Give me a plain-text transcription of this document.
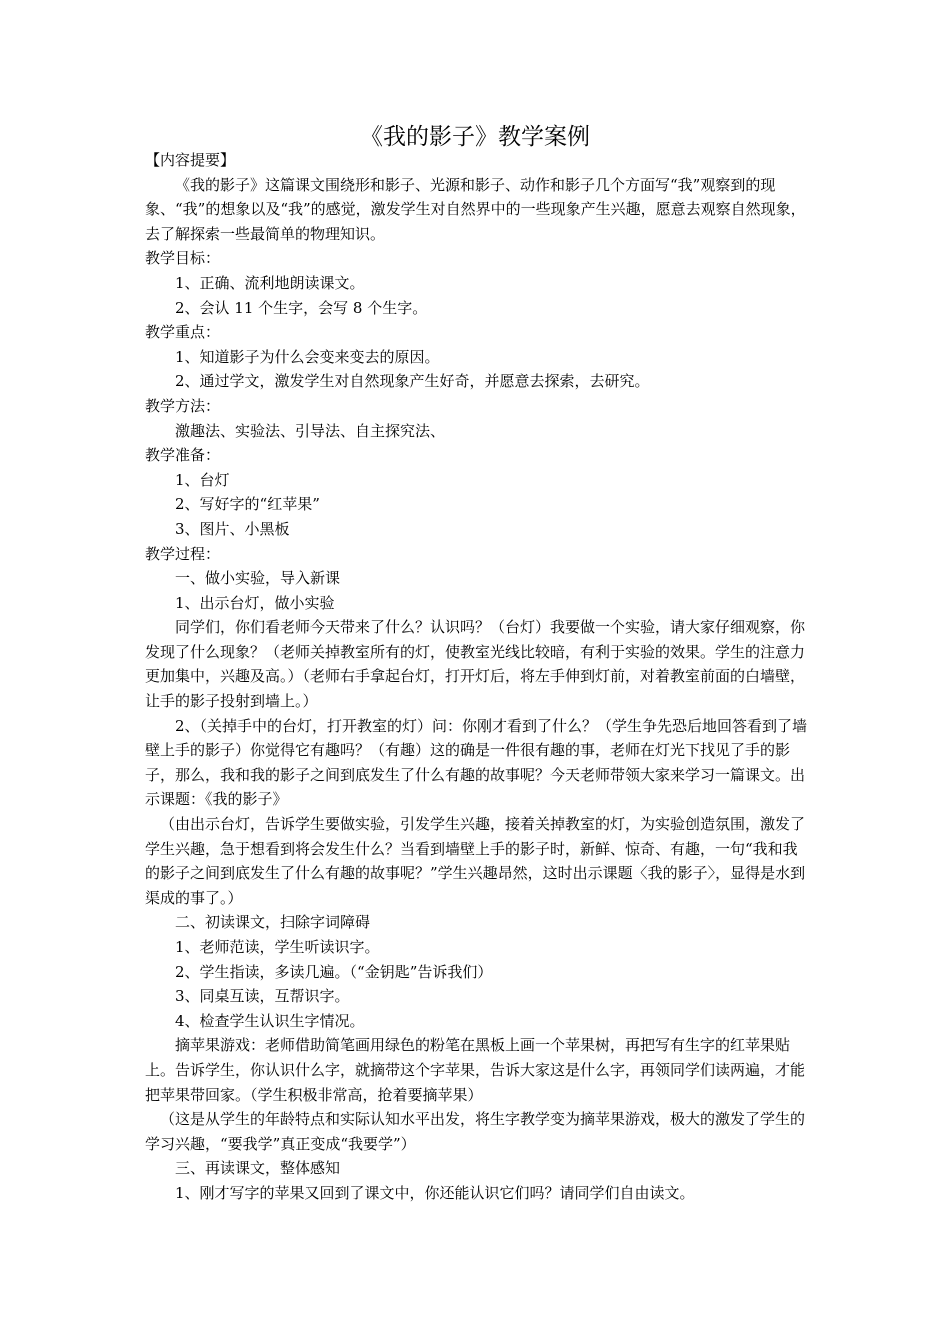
《我的影子》教学案例

【内容提要】

《我的影子》这篇课文围绕形和影子、光源和影子、动作和影子几个方面写“我”观察到的现象、“我”的想象以及“我”的感觉，激发学生对自然界中的一些现象产生兴趣，愿意去观察自然现象，去了解探索一些最简单的物理知识。

教学目标：

1、正确、流利地朗读课文。

2、会认 11 个生字，会写 8 个生字。

教学重点：

1、知道影子为什么会变来变去的原因。

2、通过学文，激发学生对自然现象产生好奇，并愿意去探索，去研究。

教学方法：

激趣法、实验法、引导法、自主探究法、

教学准备：

1、台灯

2、写好字的“红苹果”

3、图片、小黑板

教学过程：

一、做小实验，导入新课

1、出示台灯，做小实验

同学们，你们看老师今天带来了什么？认识吗？（台灯）我要做一个实验，请大家仔细观察，你发现了什么现象？（老师关掉教室所有的灯，使教室光线比较暗，有利于实验的效果。学生的注意力更加集中，兴趣及高。）（老师右手拿起台灯，打开灯后，将左手伸到灯前，对着教室前面的白墙壁，让手的影子投射到墙上。）

2、（关掉手中的台灯，打开教室的灯）问：你刚才看到了什么？（学生争先恐后地回答看到了墙壁上手的影子）你觉得它有趣吗？（有趣）这的确是一件很有趣的事，老师在灯光下找见了手的影子，那么，我和我的影子之间到底发生了什么有趣的故事呢？今天老师带领大家来学习一篇课文。出示课题：《我的影子》

（由出示台灯，告诉学生要做实验，引发学生兴趣，接着关掉教室的灯，为实验创造氛围，激发了学生兴趣，急于想看到将会发生什么？当看到墙壁上手的影子时，新鲜、惊奇、有趣，一句“我和我的影子之间到底发生了什么有趣的故事呢？”学生兴趣昂然，这时出示课题〈我的影子〉，显得是水到渠成的事了。）

二、初读课文，扫除字词障碍

1、老师范读，学生听读识字。

2、学生指读，多读几遍。（“金钥匙”告诉我们）

3、同桌互读，互帮识字。

4、检查学生认识生字情况。

摘苹果游戏：老师借助简笔画用绿色的粉笔在黑板上画一个苹果树，再把写有生字的红苹果贴上。告诉学生，你认识什么字，就摘带这个字苹果，告诉大家这是什么字，再领同学们读两遍，才能把苹果带回家。（学生积极非常高，抢着要摘苹果）

（这是从学生的年龄特点和实际认知水平出发，将生字教学变为摘苹果游戏，极大的激发了学生的学习兴趣，“要我学”真正变成“我要学”）

三、再读课文，整体感知

1、刚才写字的苹果又回到了课文中，你还能认识它们吗？请同学们自由读文。
